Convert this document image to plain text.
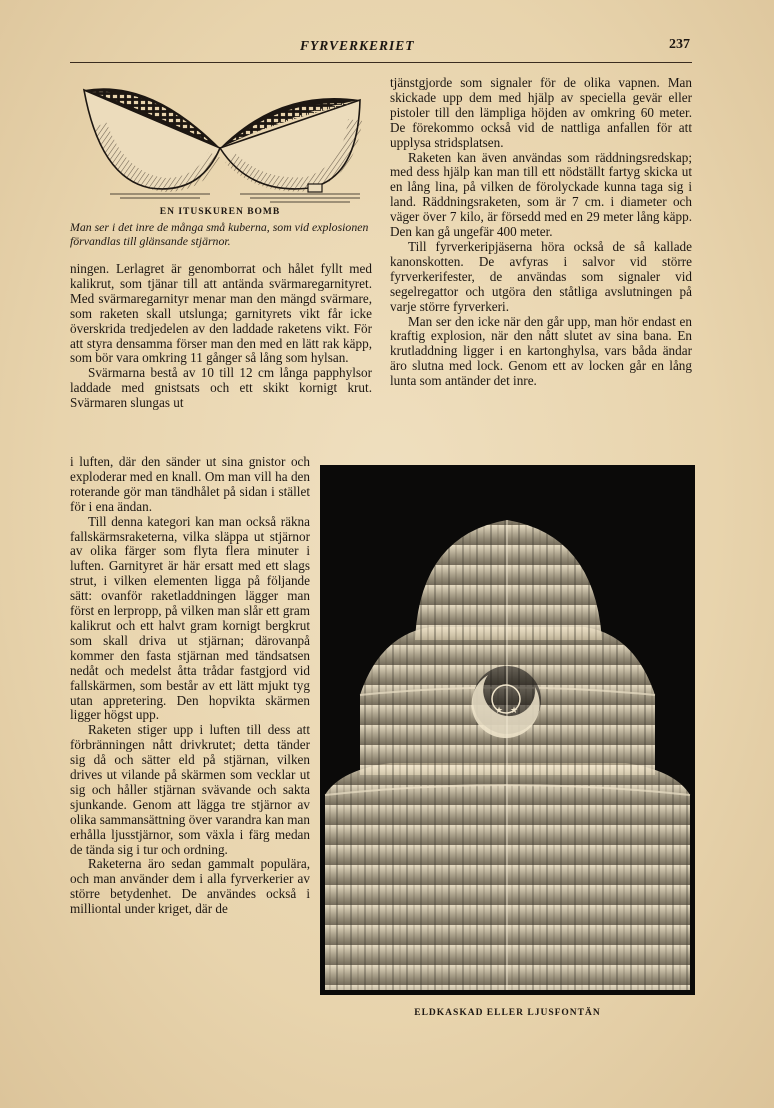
FYRVERKERIET	237
EN ITUSKUREN BOMB
Man ser i det inre de många små kuberna, som vid explosionen förvandlas till glänsande stjärnor.

ningen. Lerlagret är genomborrat och hålet fyllt med kalikrut, som tjänar till att antända svärmaregarnityret. Med svärmaregarnityr menar man den mängd svärmare, som raketen skall utslunga; garnityrets vikt får icke överskrida tredjedelen av den laddade raketens vikt. För att styra densamma förser man den med en lätt rak käpp, som bör vara omkring 11 gånger så lång som hylsan.

Svärmarna bestå av 10 till 12 cm långa papphylsor laddade med gnistsats och ett skikt kornigt krut. Svärmaren slungas ut

i luften, där den sänder ut sina gnistor och exploderar med en knall. Om man vill ha den roterande gör man tändhålet på sidan i stället för i ena ändan.

Till denna kategori kan man också räkna fallskärmsraketerna, vilka släppa ut stjärnor av olika färger som flyta flera minuter i luften. Garnityret är här ersatt med ett slags strut, i vilken elementen ligga på följande sätt: ovanför raketladdningen lägger man först en lerpropp, på vilken man slår ett gram kalikrut och ett halvt gram kornigt bergkrut som skall driva ut stjärnan; därovanpå kommer den fasta stjärnan med tändsatsen nedåt och medelst åtta trådar fastgjord vid fallskärmen, som består av ett lätt mjukt tyg utan appretering. Den hopvikta skärmen ligger högst upp.

Raketen stiger upp i luften till dess att förbränningen nått drivkrutet; detta tänder sig då och sätter eld på stjärnan, vilken drives ut vilande på skärmen som vecklar ut sig och håller stjärnan svävande och sakta sjunkande. Genom att lägga tre stjärnor av olika sammansättning över varandra kan man erhålla ljusstjärnor, som växla i färg medan de tända sig i tur och ordning.

Raketerna äro sedan gammalt populära, och man använder dem i alla fyrverkerier av större betydenhet. De användes också i milliontal under kriget, där de

tjänstgjorde som signaler för de olika vapnen. Man skickade upp dem med hjälp av speciella gevär eller pistoler till den lämpliga höjden av omkring 60 meter. De förekommo också vid de nattliga anfallen för att upplysa stridsplatsen.

Raketen kan även användas som räddningsredskap; med dess hjälp kan man till ett nödställt fartyg skicka ut en lång lina, på vilken de förolyckade kunna taga sig i land. Räddningsraketen, som är 7 cm. i diameter och väger över 7 kilo, är försedd med en 29 meter lång käpp. Den kan gå ungefär 400 meter.

Till fyrverkeripjäserna höra också de så kallade kanonskotten. De avfyras i salvor vid större fyrverkerifester, de användas som signaler vid segelregattor och utgöra den ståtliga avslutningen på varje större fyrverkeri.

Man ser den icke när den går upp, man hör endast en kraftig explosion, när den nått slutet av sina bana. En krutladdning ligger i en kartonghylsa, vars båda ändar äro slutna med lock. Genom ett av locken går en lång lunta som antänder det inre.

★ ★
ELDKASKAD ELLER LJUSFONTÄN
